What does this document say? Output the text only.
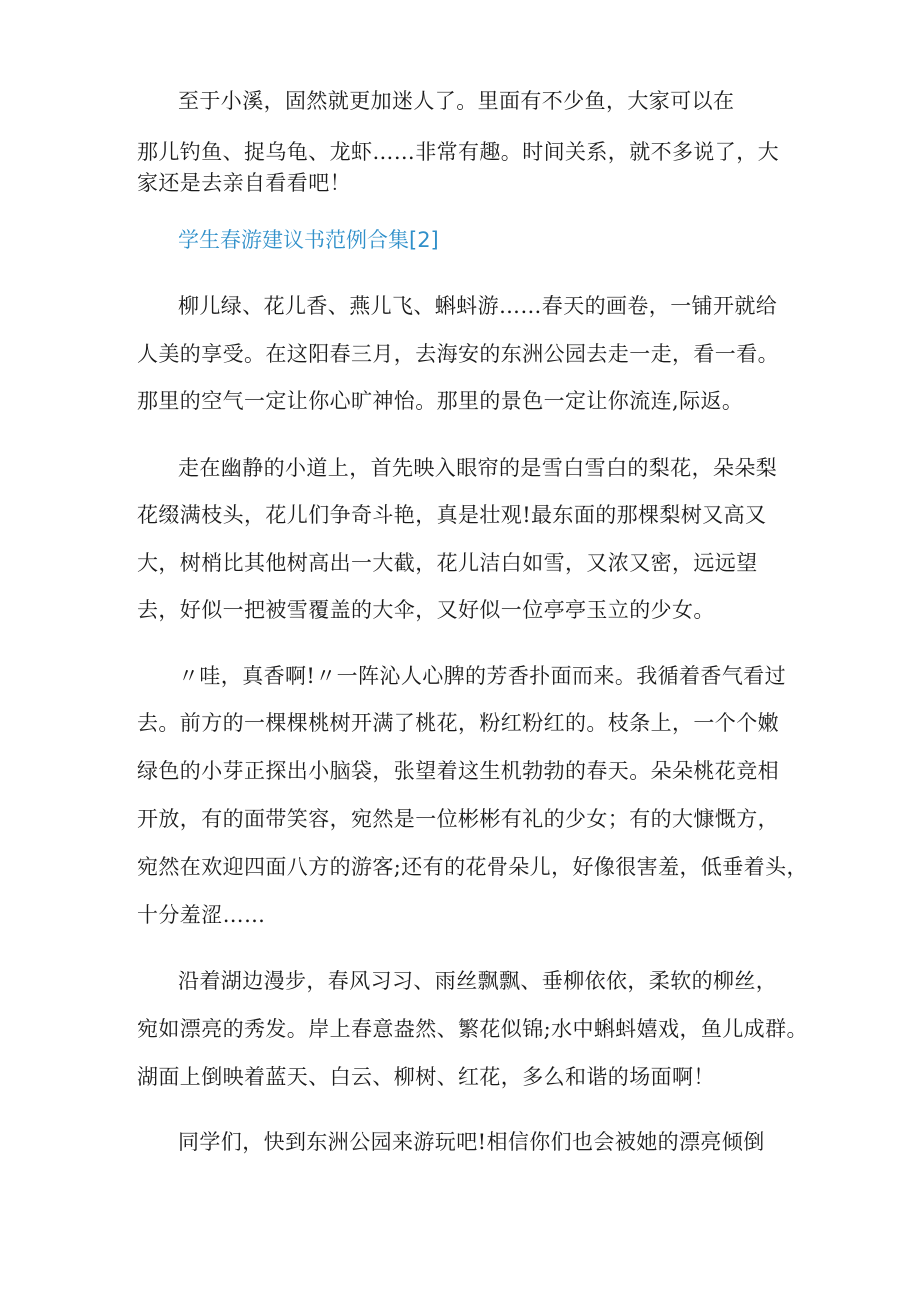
至于小溪，固然就更加迷人了。里面有不少鱼，大家可以在
那儿钓鱼、捉乌龟、龙虾……非常有趣。时间关系，就不多说了，大
家还是去亲自看看吧！
学生春游建议书范例合集[2]
柳儿绿、花儿香、燕儿飞、蝌蚪游……春天的画卷，一铺开就给
人美的享受。在这阳春三月，去海安的东洲公园去走一走，看一看。
那里的空气一定让你心旷神怡。那里的景色一定让你流连,际返。
走在幽静的小道上，首先映入眼帘的是雪白雪白的梨花，朵朵梨
花缀满枝头，花儿们争奇斗艳，真是壮观!最东面的那棵梨树又高又
大，树梢比其他树高出一大截，花儿洁白如雪，又浓又密，远远望
去，好似一把被雪覆盖的大伞，又好似一位亭亭玉立的少女。
〃哇，真香啊!〃一阵沁人心脾的芳香扑面而来。我循着香气看过
去。前方的一棵棵桃树开满了桃花，粉红粉红的。枝条上，一个个嫩
绿色的小芽正探出小脑袋，张望着这生机勃勃的春天。朵朵桃花竞相
开放，有的面带笑容，宛然是一位彬彬有礼的少女；有的大慷慨方，
宛然在欢迎四面八方的游客;还有的花骨朵儿，好像很害羞，低垂着头，
十分羞涩……
沿着湖边漫步，春风习习、雨丝飘飘、垂柳依依，柔软的柳丝，
宛如漂亮的秀发。岸上春意盎然、繁花似锦;水中蝌蚪嬉戏，鱼儿成群。
湖面上倒映着蓝天、白云、柳树、红花，多么和谐的场面啊！
同学们，快到东洲公园来游玩吧!相信你们也会被她的漂亮倾倒
